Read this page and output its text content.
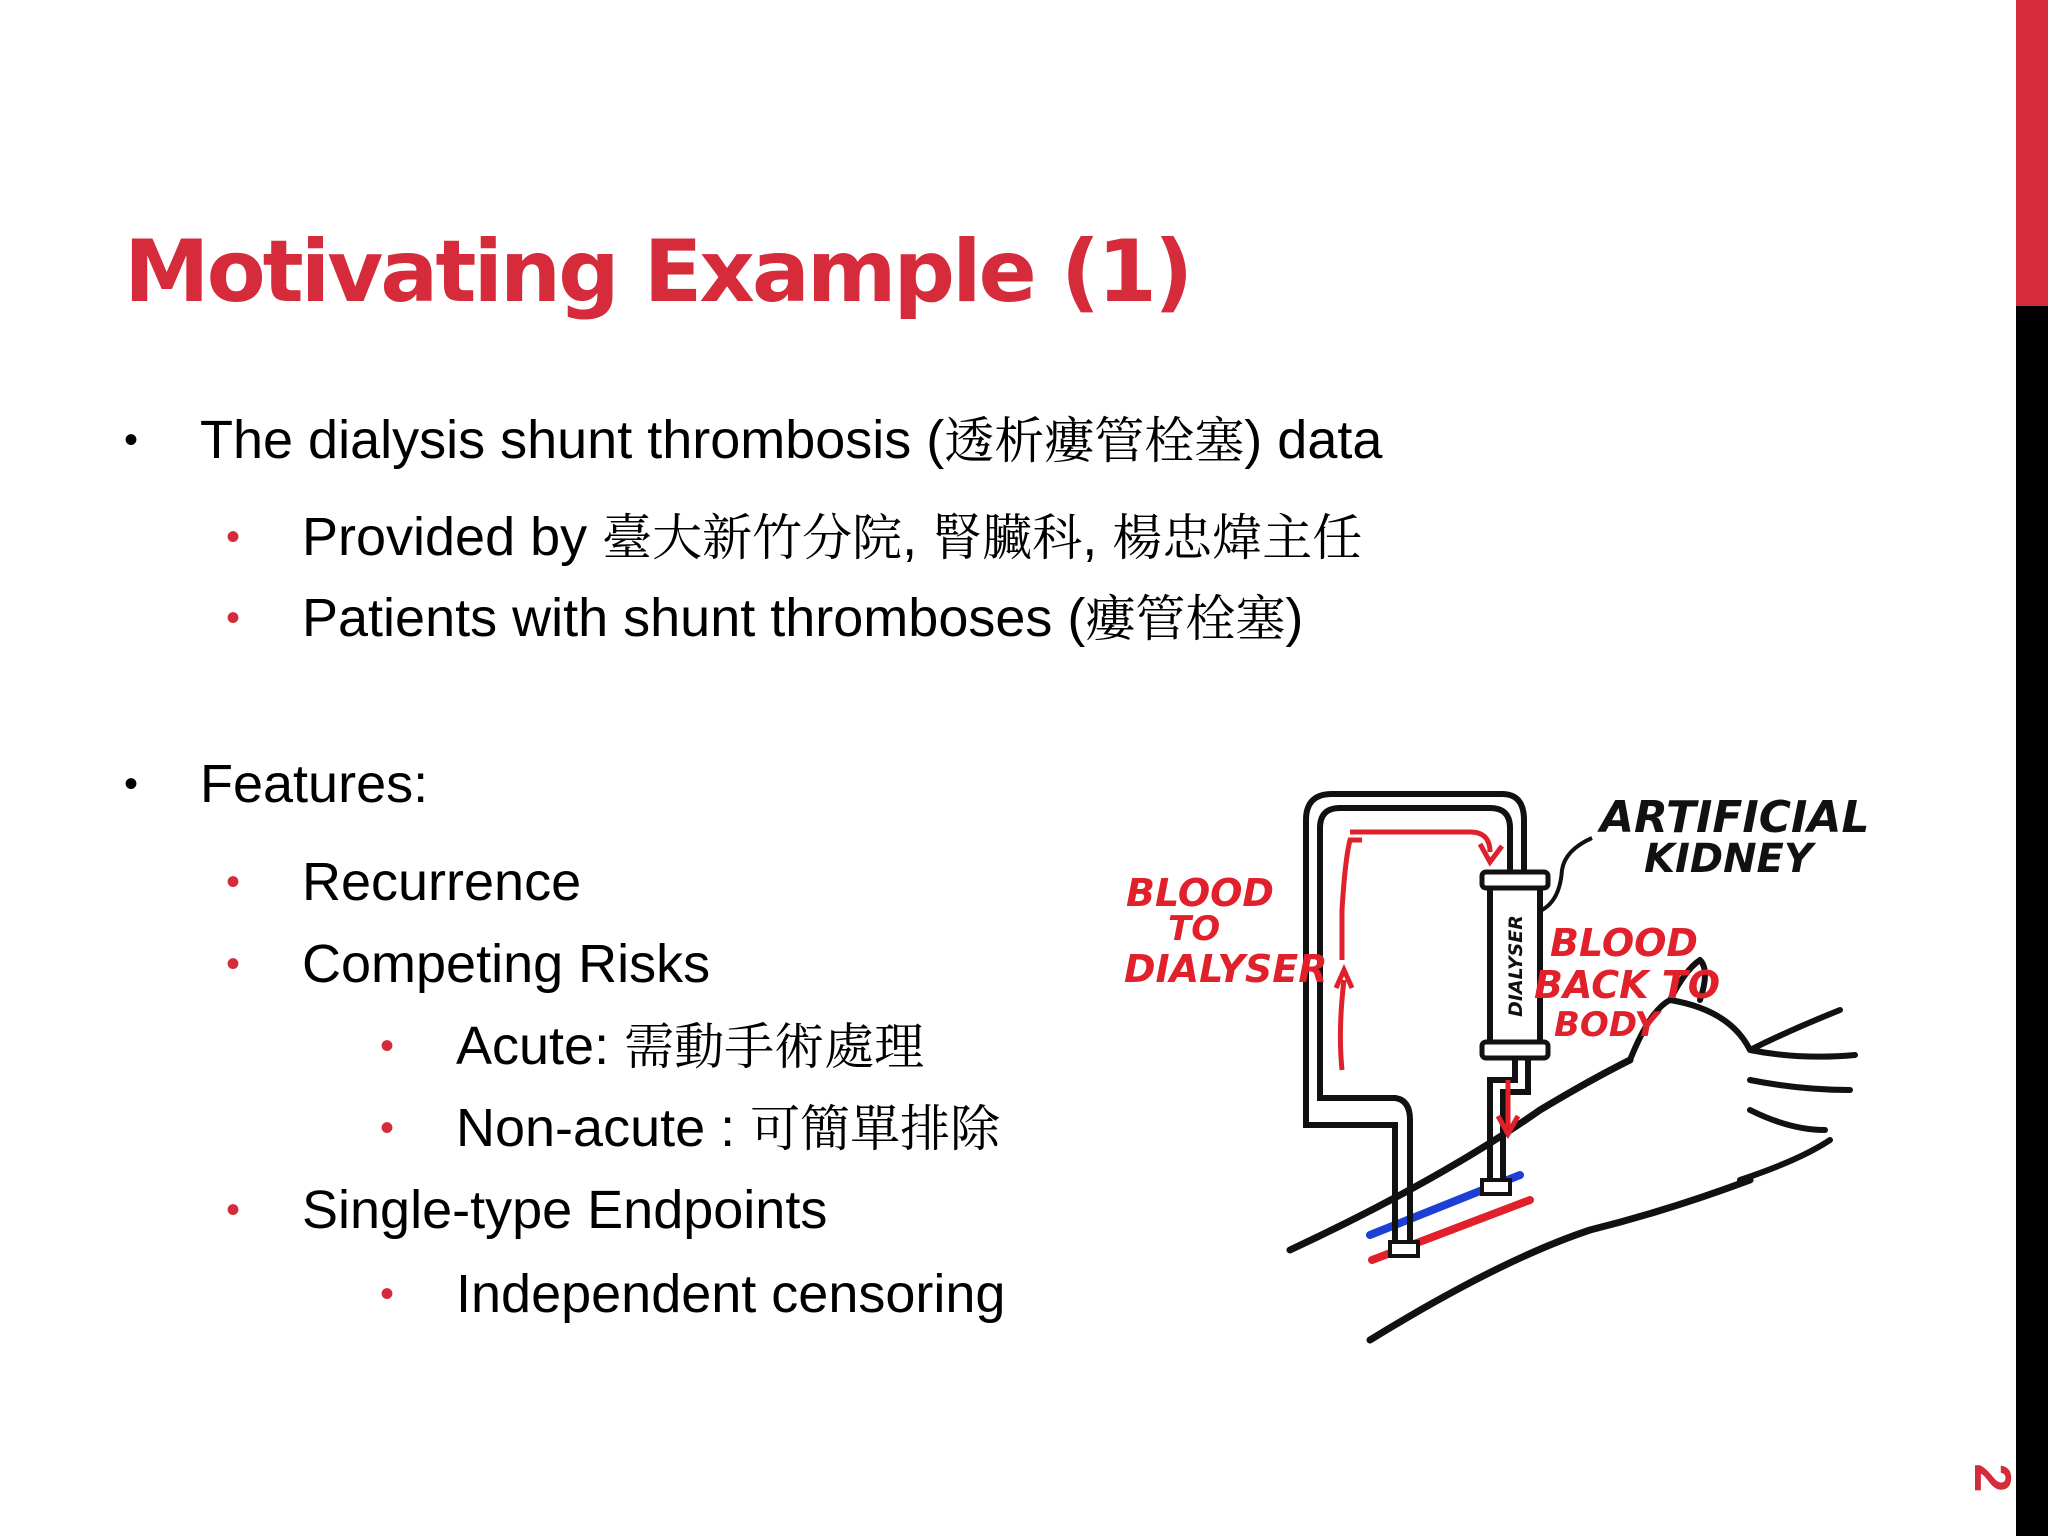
2
Motivating Example (1)
• The dialysis shunt thrombosis (透析瘻管栓塞) data
• Provided by 臺大新竹分院, 腎臟科, 楊忠煒主任
• Patients with shunt thromboses (瘻管栓塞)
• Features:
• Recurrence
• Competing Risks
• Acute: 需動手術處理
• Non-acute : 可簡單排除
• Single-type Endpoints
• Independent censoring
DIALYSER
ARTIFICIAL
KIDNEY
BLOOD
TO
DIALYSER
BLOOD
BACK TO
BODY
